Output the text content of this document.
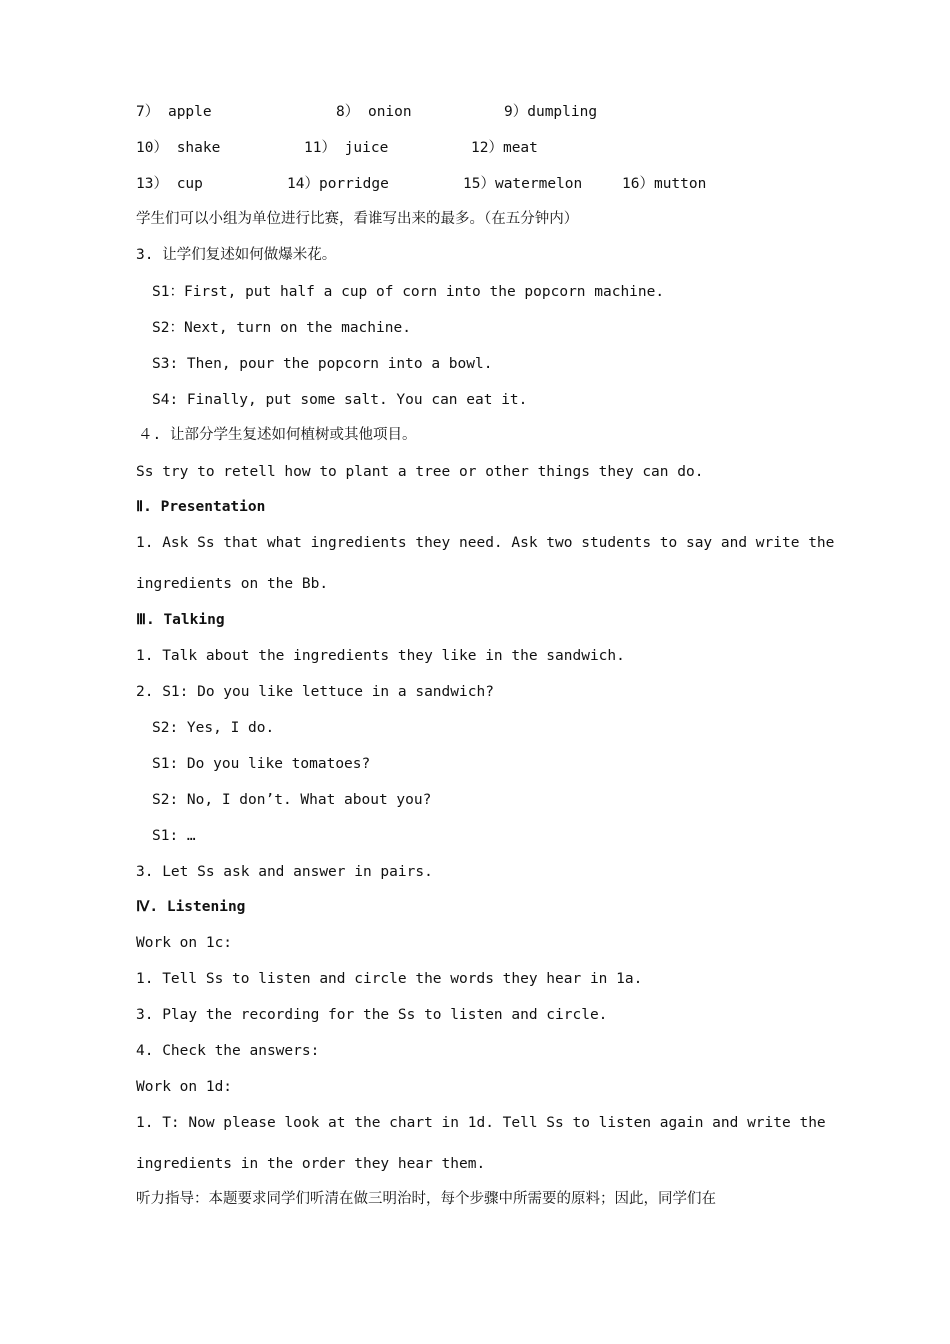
7） apple	8） onion	9）dumpling
10） shake	11） juice	12）meat
13） cup	14）porridge	15）watermelon	16）mutton
学生们可以小组为单位进行比赛，看谁写出来的最多。（在五分钟内）
3. 让学们复述如何做爆米花。
S1：First, put half a cup of corn into the popcorn machine.
S2：Next, turn on the machine.
S3: Then, pour the popcorn into a bowl.
S4: Finally, put some salt. You can eat it.
４. 让部分学生复述如何植树或其他项目。
Ss try to retell how to plant a tree or other things they can do.
Ⅱ. Presentation
1. Ask Ss that what ingredients they need. Ask two students to say and write the
ingredients on the Bb.
Ⅲ. Talking
1. Talk about the ingredients they like in the sandwich.
2. S1: Do you like lettuce in a sandwich?
S2: Yes, I do.
S1: Do you like tomatoes?
S2: No, I don’t. What about you?
S1: …
3. Let Ss ask and answer in pairs.
Ⅳ. Listening
Work on 1c:
1. Tell Ss to listen and circle the words they hear in 1a.
3. Play the recording for the Ss to listen and circle.
4. Check the answers:
Work on 1d:
1. T: Now please look at the chart in 1d. Tell Ss to listen again and write the
ingredients in the order they hear them.
听力指导：本题要求同学们听清在做三明治时，每个步骤中所需要的原料；因此，同学们在
